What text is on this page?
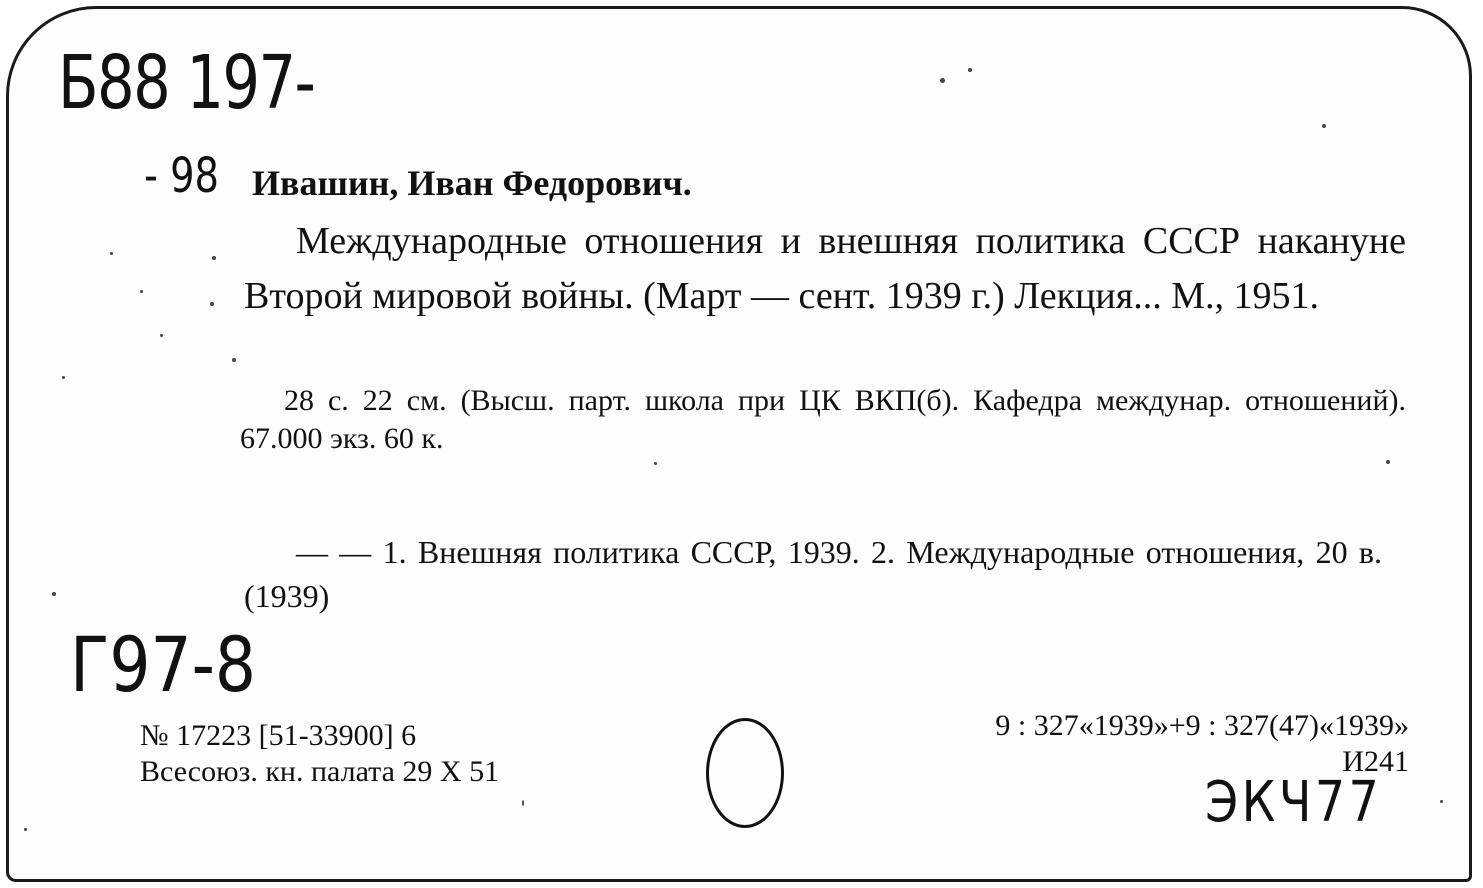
Б88 197-
- 98 Ивашин, Иван Федорович.
Международные отношения и внешняя политика СССР накануне Второй мировой войны. (Март — сент. 1939 г.) Лекция... М., 1951.
28 с. 22 см. (Высш. парт. школа при ЦК ВКП(б). Кафедра междунар. отношений). 67.000 экз. 60 к.
— — 1. Внешняя политика СССР, 1939. 2. Международные отношения, 20 в. (1939)
Г97-8
№ 17223 [51-33900] 6
Всесоюз. кн. палата 29 X 51
9 : 327«1939»+9 : 327(47)«1939»
И241
ЭКЧ77
